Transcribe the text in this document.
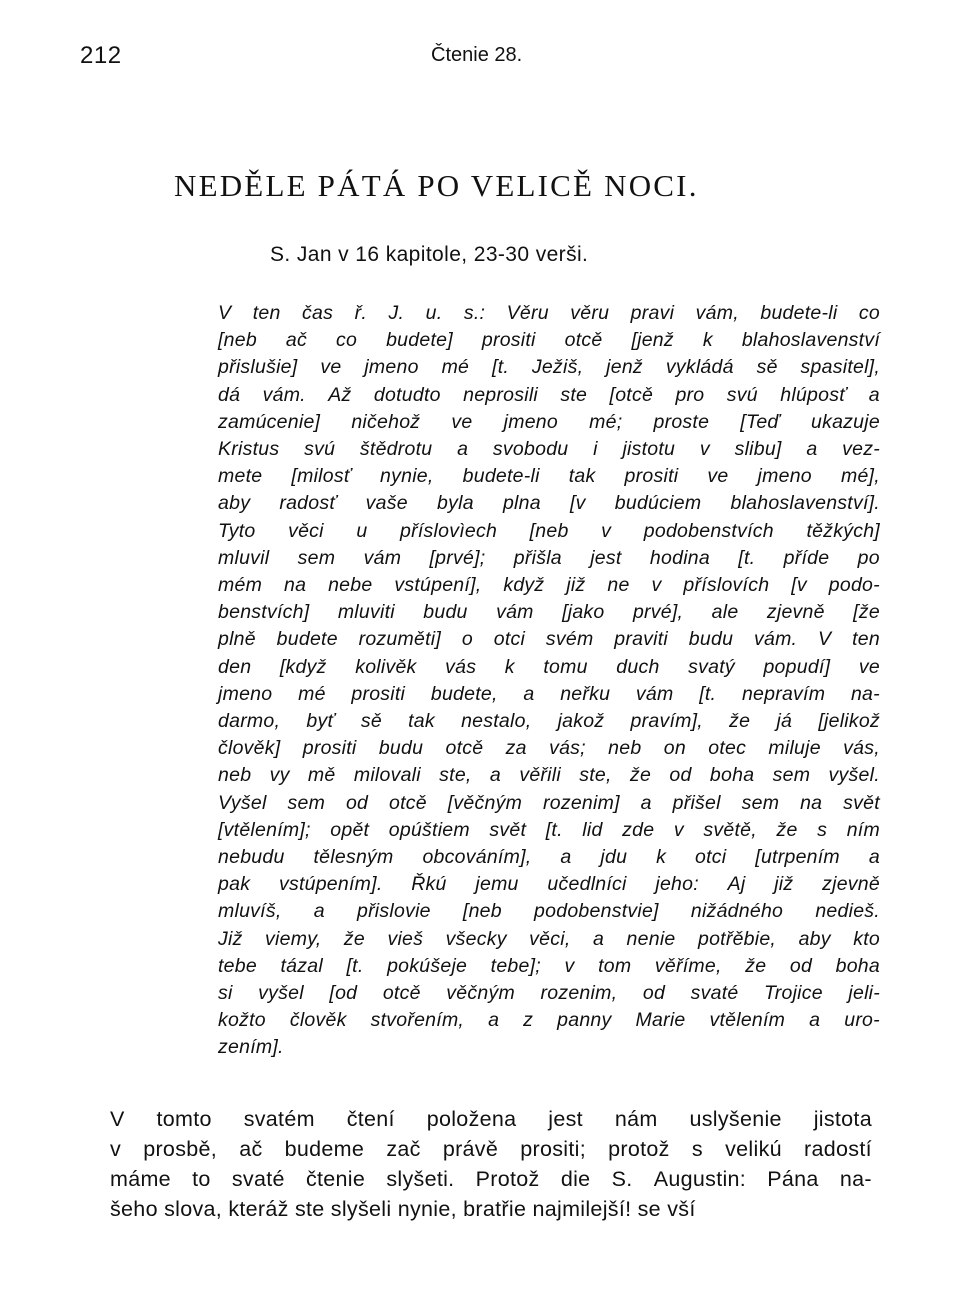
212	Čtenie 28.
NEDĚLE PÁTÁ PO VELICĚ NOCI.
S. Jan v 16 kapitole, 23-30 verši.
V ten čas ř. J. u. s.: Věru věru pravi vám, budete-li co
[neb ač co budete] prositi otcě [jenž k blahoslavenství
přislušie] ve jmeno mé [t. Ježiš, jenž vykládá sě spasitel],
dá vám. Až dotudto neprosili ste [otcě pro svú hlúposť a
zamúcenie] ničehož ve jmeno mé; proste [Teď ukazuje
Kristus svú štědrotu a svobodu i jistotu v slibu] a vez-
mete [milosť nynie, budete-li tak prositi ve jmeno mé],
aby radosť vaše byla plna [v budúciem blahoslavenství].
Tyto věci u příslovìech [neb v podobenstvích těžkých]
mluvil sem vám [prvé]; přišla jest hodina [t. příde po
mém na nebe vstúpení], když již ne v příslovích [v podo-
benstvích] mluviti budu vám [jako prvé], ale zjevně [že
plně budete rozuměti] o otci svém praviti budu vám. V ten
den [když kolivěk vás k tomu duch svatý popudí] ve
jmeno mé prositi budete, a neřku vám [t. nepravím na-
darmo, byť sě tak nestalo, jakož pravím], že já [jelikož
člověk] prositi budu otcě za vás; neb on otec miluje vás,
neb vy mě milovali ste, a věřili ste, že od boha sem vyšel.
Vyšel sem od otcě [věčným rozenim] a přišel sem na svět
[vtělením]; opět opúštiem svět [t. lid zde v světě, že s ním
nebudu tělesným obcováním], a jdu k otci [utrpením a
pak vstúpením]. Řkú jemu učedlníci jeho: Aj již zjevně
mluvíš, a přislovie [neb podobenstvie] nižádného nedieš.
Již viemy, že vieš všecky věci, a nenie potřěbie, aby kto
tebe tázal [t. pokúšeje tebe]; v tom věříme, že od boha
si vyšel [od otcě věčným rozenim, od svaté Trojice jeli-
kožto člověk stvořením, a z panny Marie vtělením a uro-
zením].
V tomto svatém čtení položena jest nám uslyšenie jistota
v prosbě, ač budeme zač právě prositi; protož s velikú radostí
máme to svaté čtenie slyšeti. Protož die S. Augustin: Pána na-
šeho slova, kteráž ste slyšeli nynie, bratřie najmilejší! se vší
